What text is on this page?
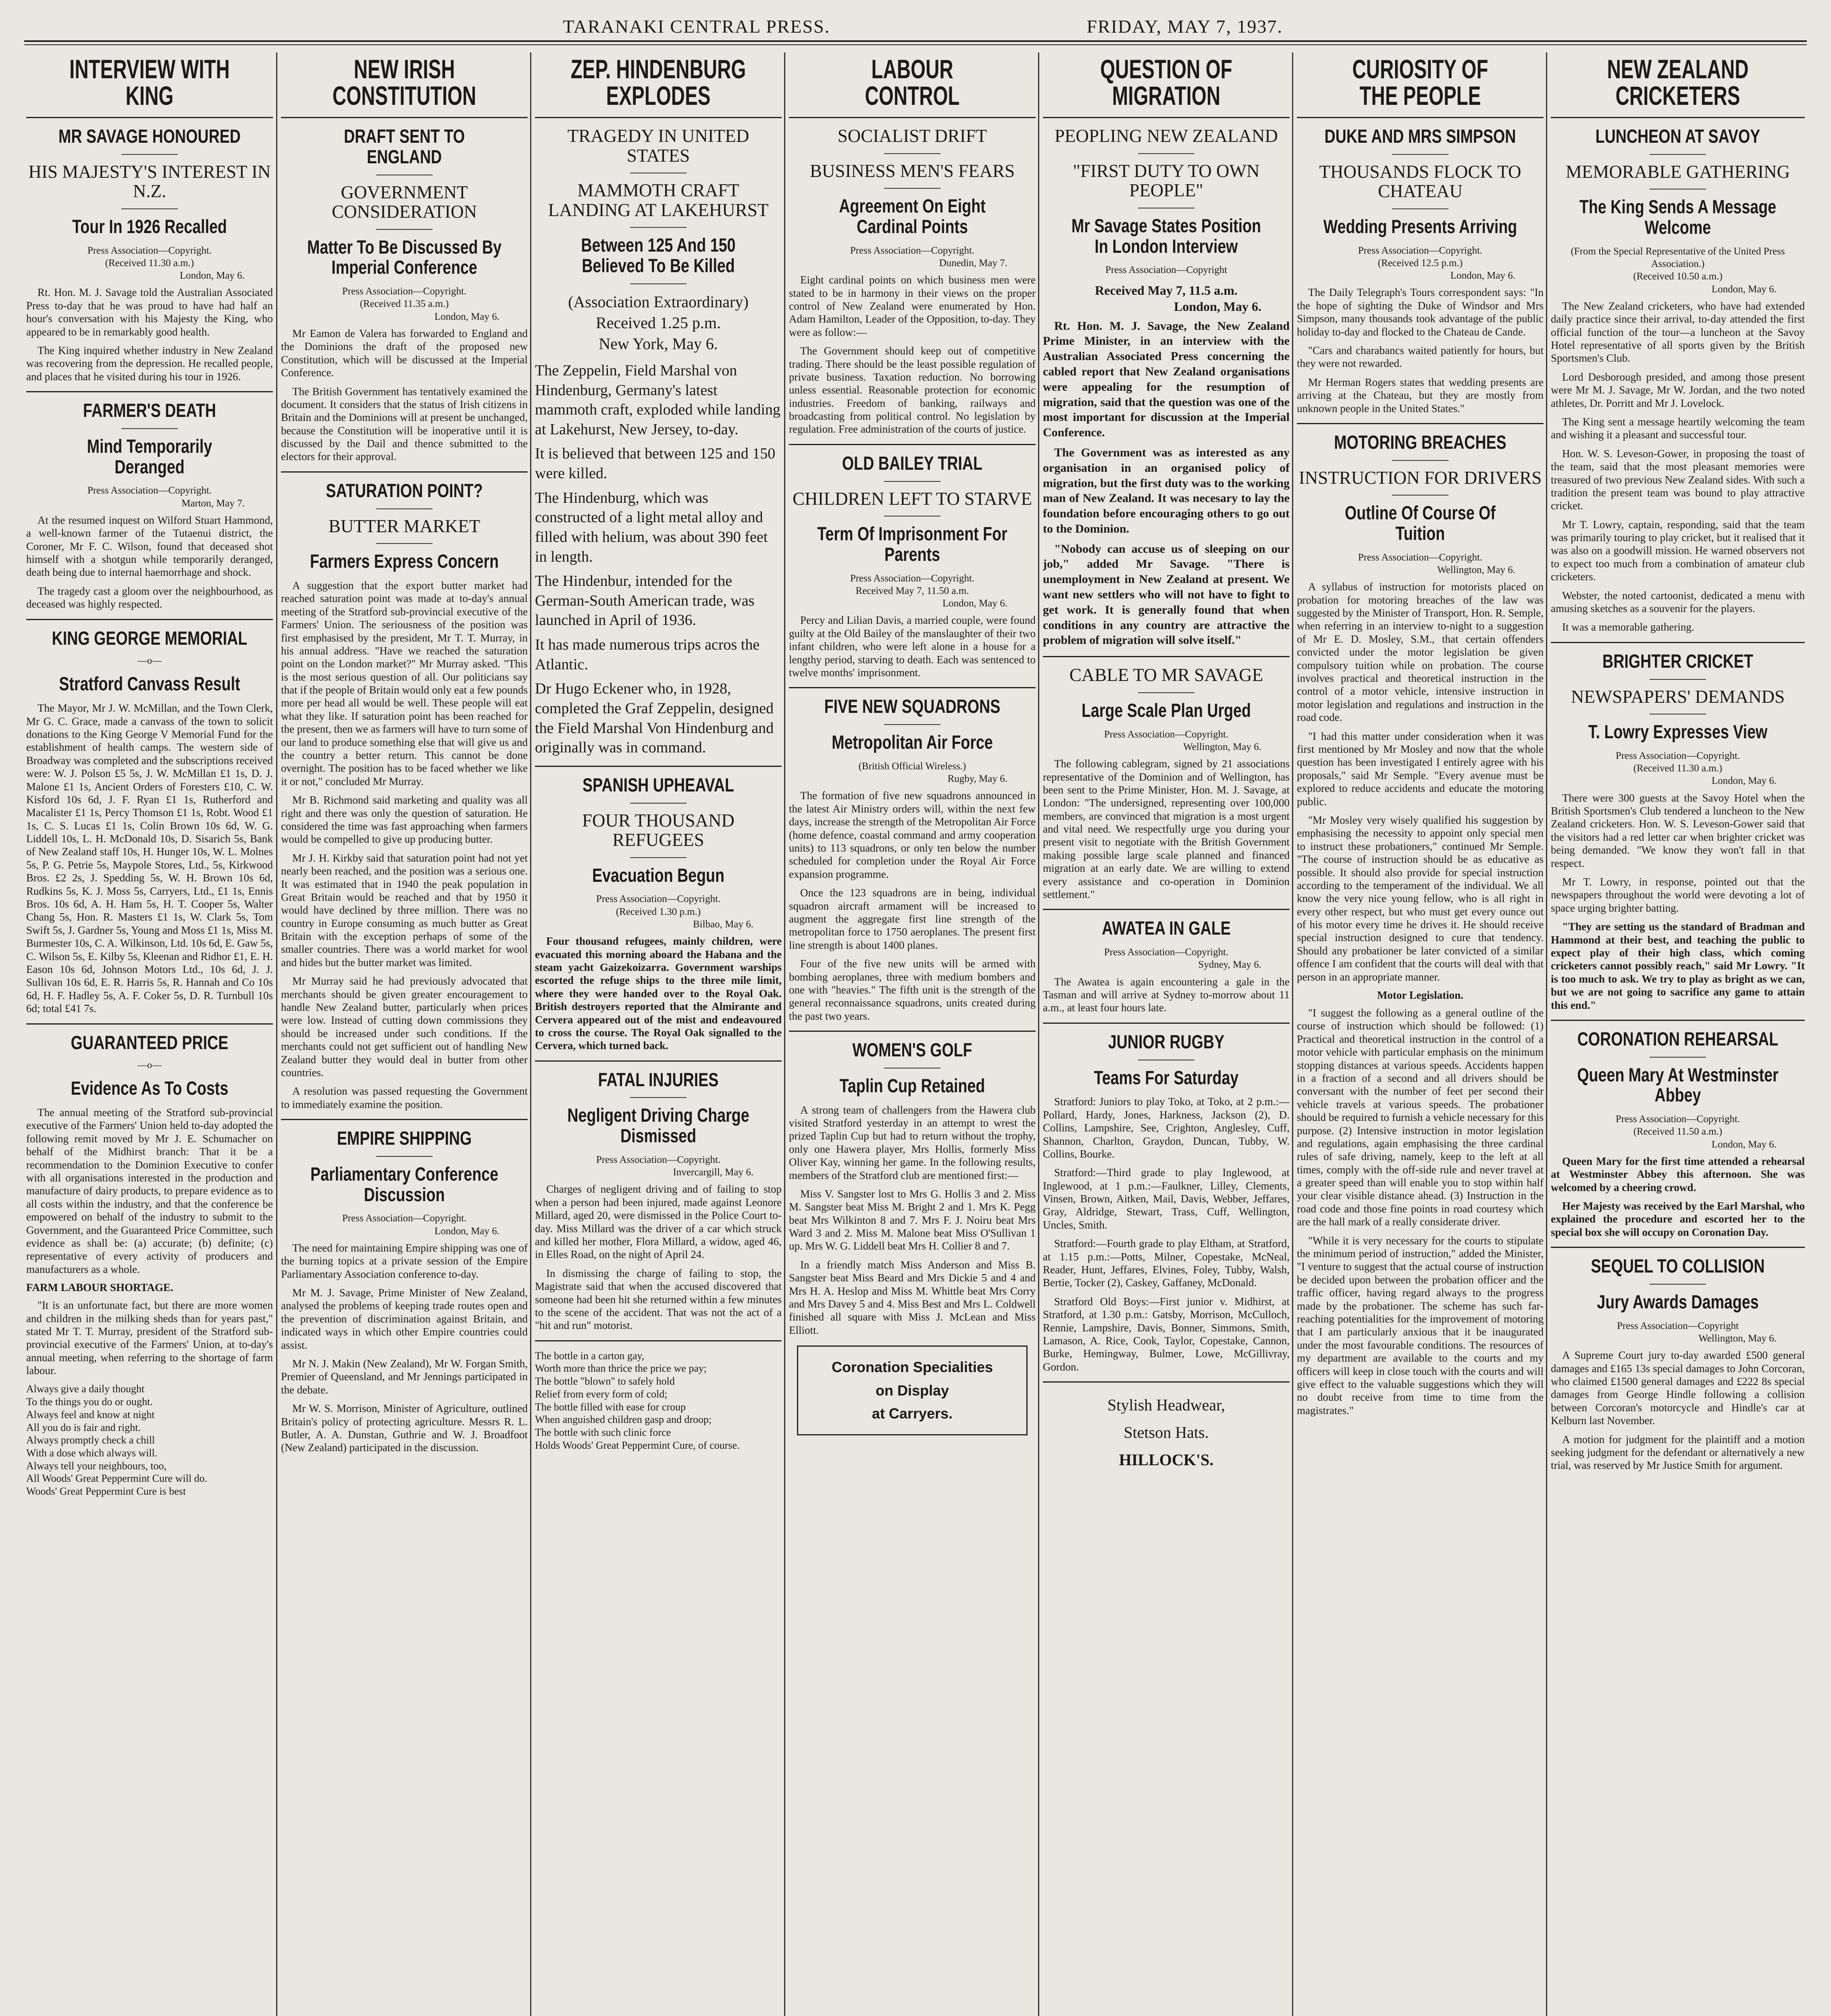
TARANAKI CENTRAL PRESS.	FRIDAY, MAY 7, 1937.
INTERVIEW WITH KING
MR SAVAGE HONOURED
HIS MAJESTY'S INTEREST IN N.Z.
Tour In 1926 Recalled
Press Association—Copyright.
(Received 11.30 a.m.)
London, May 6.

Rt. Hon. M. J. Savage told the Australian Associated Press to-day that he was proud to have had half an hour's conversation with his Majesty the King, who appeared to be in remarkably good health.

The King inquired whether industry in New Zealand was recovering from the depression. He recalled people, and places that he visited during his tour in 1926.

FARMER'S DEATH
Mind Temporarily Deranged
Press Association—Copyright.
Marton, May 7.

At the resumed inquest on Wilford Stuart Hammond, a well-known farmer of the Tutaenui district, the Coroner, Mr F. C. Wilson, found that deceased shot himself with a shotgun while temporarily deranged, death being due to internal haemorrhage and shock.

The tragedy cast a gloom over the neighbourhood, as deceased was highly respected.

KING GEORGE MEMORIAL
—o—
Stratford Canvass Result

The Mayor, Mr J. W. McMillan, and the Town Clerk, Mr G. C. Grace, made a canvass of the town to solicit donations to the King George V Memorial Fund for the establishment of health camps. The western side of Broadway was completed and the subscriptions received were: W. J. Polson £5 5s, J. W. McMillan £1 1s, D. J. Malone £1 1s, Ancient Orders of Foresters £10, C. W. Kisford 10s 6d, J. F. Ryan £1 1s, Rutherford and Macalister £1 1s, Percy Thomson £1 1s, Robt. Wood £1 1s, C. S. Lucas £1 1s, Colin Brown 10s 6d, W. G. Liddell 10s, L. H. McDonald 10s, D. Sisarich 5s, Bank of New Zealand staff 10s, H. Hunger 10s, W. L. Molnes 5s, P. G. Petrie 5s, Maypole Stores, Ltd., 5s, Kirkwood Bros. £2 2s, J. Spedding 5s, W. H. Brown 10s 6d, Rudkins 5s, K. J. Moss 5s, Carryers, Ltd., £1 1s, Ennis Bros. 10s 6d, A. H. Ham 5s, H. T. Cooper 5s, Walter Chang 5s, Hon. R. Masters £1 1s, W. Clark 5s, Tom Swift 5s, J. Gardner 5s, Young and Moss £1 1s, Miss M. Burmester 10s, C. A. Wilkinson, Ltd. 10s 6d, E. Gaw 5s, C. Wilson 5s, E. Kilby 5s, Kleenan and Ridhor £1, E. H. Eason 10s 6d, Johnson Motors Ltd., 10s 6d, J. J. Sullivan 10s 6d, E. R. Harris 5s, R. Hannah and Co 10s 6d, H. F. Hadley 5s, A. F. Coker 5s, D. R. Turnbull 10s 6d; total £41 7s.

GUARANTEED PRICE
—o—
Evidence As To Costs

The annual meeting of the Stratford sub-provincial executive of the Farmers' Union held to-day adopted the following remit moved by Mr J. E. Schumacher on behalf of the Midhirst branch: That it be a recommendation to the Dominion Executive to confer with all organisations interested in the production and manufacture of dairy products, to prepare evidence as to all costs within the industry, and that the conference be empowered on behalf of the industry to submit to the Government, and the Guaranteed Price Committee, such evidence as shall be: (a) accurate; (b) definite; (c) representative of every activity of producers and manufacturers as a whole.

FARM LABOUR SHORTAGE.

"It is an unfortunate fact, but there are more women and children in the milking sheds than for years past," stated Mr T. T. Murray, president of the Stratford sub-provincial executive of the Farmers' Union, at to-day's annual meeting, when referring to the shortage of farm labour.

Always give a daily thought
To the things you do or ought.
Always feel and know at night
All you do is fair and right.
Always promptly check a chill
With a dose which always will.
Always tell your neighbours, too,
All Woods' Great Peppermint Cure will do.
Woods' Great Peppermint Cure is best
NEW IRISH CONSTITUTION
DRAFT SENT TO ENGLAND
GOVERNMENT CONSIDERATION
Matter To Be Discussed By Imperial Conference
Press Association—Copyright.
(Received 11.35 a.m.)
London, May 6.

Mr Eamon de Valera has forwarded to England and the Dominions the draft of the proposed new Constitution, which will be discussed at the Imperial Conference.

The British Government has tentatively examined the document. It considers that the status of Irish citizens in Britain and the Dominions will at present be unchanged, because the Constitution will be inoperative until it is discussed by the Dail and thence submitted to the electors for their approval.

SATURATION POINT?
BUTTER MARKET
Farmers Express Concern

A suggestion that the export butter market had reached saturation point was made at to-day's annual meeting of the Stratford sub-provincial executive of the Farmers' Union. The seriousness of the position was first emphasised by the president, Mr T. T. Murray, in his annual address. "Have we reached the saturation point on the London market?" Mr Murray asked. "This is the most serious question of all. Our politicians say that if the people of Britain would only eat a few pounds more per head all would be well. These people will eat what they like. If saturation point has been reached for the present, then we as farmers will have to turn some of our land to produce something else that will give us and the country a better return. This cannot be done overnight. The position has to be faced whether we like it or not," concluded Mr Murray.

Mr B. Richmond said marketing and quality was all right and there was only the question of saturation. He considered the time was fast approaching when farmers would be compelled to give up producing butter.

Mr J. H. Kirkby said that saturation point had not yet nearly been reached, and the position was a serious one. It was estimated that in 1940 the peak population in Great Britain would be reached and that by 1950 it would have declined by three million. There was no country in Europe consuming as much butter as Great Britain with the exception perhaps of some of the smaller countries. There was a world market for wool and hides but the butter market was limited.

Mr Murray said he had previously advocated that merchants should be given greater encouragement to handle New Zealand butter, particularly when prices were low. Instead of cutting down commissions they should be increased under such conditions. If the merchants could not get sufficient out of handling New Zealand butter they would deal in butter from other countries.

A resolution was passed requesting the Government to immediately examine the position.

EMPIRE SHIPPING
Parliamentary Conference Discussion
Press Association—Copyright.
London, May 6.

The need for maintaining Empire shipping was one of the burning topics at a private session of the Empire Parliamentary Association conference to-day.

Mr M. J. Savage, Prime Minister of New Zealand, analysed the problems of keeping trade routes open and the prevention of discrimination against Britain, and indicated ways in which other Empire countries could assist.

Mr N. J. Makin (New Zealand), Mr W. Forgan Smith, Premier of Queensland, and Mr Jennings participated in the debate.

Mr W. S. Morrison, Minister of Agriculture, outlined Britain's policy of protecting agriculture. Messrs R. L. Butler, A. A. Dunstan, Guthrie and W. J. Broadfoot (New Zealand) participated in the discussion.

ZEP. HINDENBURG EXPLODES
TRAGEDY IN UNITED STATES
MAMMOTH CRAFT LANDING AT LAKEHURST
Between 125 And 150 Believed To Be Killed
(Association Extraordinary)
Received 1.25 p.m.
New York, May 6.

The Zeppelin, Field Marshal von Hindenburg, Germany's latest mammoth craft, exploded while landing at Lakehurst, New Jersey, to-day.

It is believed that between 125 and 150 were killed.

The Hindenburg, which was constructed of a light metal alloy and filled with helium, was about 390 feet in length.

The Hindenbur, intended for the German-South American trade, was launched in April of 1936.

It has made numerous trips acros the Atlantic.

Dr Hugo Eckener who, in 1928, completed the Graf Zeppelin, designed the Field Marshal Von Hindenburg and originally was in command.

SPANISH UPHEAVAL
FOUR THOUSAND REFUGEES
Evacuation Begun
Press Association—Copyright.
(Received 1.30 p.m.)
Bilbao, May 6.

Four thousand refugees, mainly children, were evacuated this morning aboard the Habana and the steam yacht Gaizekoizarra. Government warships escorted the refuge ships to the three mile limit, where they were handed over to the Royal Oak. British destroyers reported that the Almirante and Cervera appeared out of the mist and endeavoured to cross the course. The Royal Oak signalled to the Cervera, which turned back.

FATAL INJURIES
Negligent Driving Charge Dismissed
Press Association—Copyright.
Invercargill, May 6.

Charges of negligent driving and of failing to stop when a person had been injured, made against Leonore Millard, aged 20, were dismissed in the Police Court to-day. Miss Millard was the driver of a car which struck and killed her mother, Flora Millard, a widow, aged 46, in Elles Road, on the night of April 24.

In dismissing the charge of failing to stop, the Magistrate said that when the accused discovered that someone had been hit she returned within a few minutes to the scene of the accident. That was not the act of a "hit and run" motorist.

The bottle in a carton gay,
Worth more than thrice the price we pay;
The bottle "blown" to safely hold
Relief from every form of cold;
The bottle filled with ease for croup
When anguished children gasp and droop;
The bottle with such clinic force
Holds Woods' Great Peppermint Cure, of course.
LABOUR CONTROL
SOCIALIST DRIFT
BUSINESS MEN'S FEARS
Agreement On Eight Cardinal Points
Press Association—Copyright.
Dunedin, May 7.

Eight cardinal points on which business men were stated to be in harmony in their views on the proper control of New Zealand were enumerated by Hon. Adam Hamilton, Leader of the Opposition, to-day. They were as follow:—

The Government should keep out of competitive trading. There should be the least possible regulation of private business. Taxation reduction. No borrowing unless essential. Reasonable protection for economic industries. Freedom of banking, railways and broadcasting from political control. No legislation by regulation. Free administration of the courts of justice.

OLD BAILEY TRIAL
CHILDREN LEFT TO STARVE
Term Of Imprisonment For Parents
Press Association—Copyright.
Received May 7, 11.50 a.m.
London, May 6.

Percy and Lilian Davis, a married couple, were found guilty at the Old Bailey of the manslaughter of their two infant children, who were left alone in a house for a lengthy period, starving to death. Each was sentenced to twelve months' imprisonment.

FIVE NEW SQUADRONS
Metropolitan Air Force
(British Official Wireless.)
Rugby, May 6.

The formation of five new squadrons announced in the latest Air Ministry orders will, within the next few days, increase the strength of the Metropolitan Air Force (home defence, coastal command and army cooperation units) to 113 squadrons, or only ten below the number scheduled for completion under the Royal Air Force expansion programme.

Once the 123 squadrons are in being, individual squadron aircraft armament will be increased to augment the aggregate first line strength of the metropolitan force to 1750 aeroplanes. The present first line strength is about 1400 planes.

Four of the five new units will be armed with bombing aeroplanes, three with medium bombers and one with "heavies." The fifth unit is the strength of the general reconnaissance squadrons, units created during the past two years.

WOMEN'S GOLF
Taplin Cup Retained

A strong team of challengers from the Hawera club visited Stratford yesterday in an attempt to wrest the prized Taplin Cup but had to return without the trophy, only one Hawera player, Mrs Hollis, formerly Miss Oliver Kay, winning her game. In the following results, members of the Stratford club are mentioned first:—

Miss V. Sangster lost to Mrs G. Hollis 3 and 2. Miss M. Sangster beat Miss M. Bright 2 and 1. Mrs K. Pegg beat Mrs Wilkinton 8 and 7. Mrs F. J. Noiru beat Mrs Ward 3 and 2. Miss M. Malone beat Miss O'Sullivan 1 up. Mrs W. G. Liddell beat Mrs H. Collier 8 and 7.

In a friendly match Miss Anderson and Miss B. Sangster beat Miss Beard and Mrs Dickie 5 and 4 and Mrs H. A. Heslop and Miss M. Whittle beat Mrs Corry and Mrs Davey 5 and 4. Miss Best and Mrs L. Coldwell finished all square with Miss J. McLean and Miss Elliott.

Coronation Specialities
on Display
at Carryers.
QUESTION OF MIGRATION
PEOPLING NEW ZEALAND
"FIRST DUTY TO OWN PEOPLE"
Mr Savage States Position In London Interview
Press Association—Copyright
Received May 7, 11.5 a.m.
London, May 6.

Rt. Hon. M. J. Savage, the New Zealand Prime Minister, in an interview with the Australian Associated Press concerning the cabled report that New Zealand organisations were appealing for the resumption of migration, said that the question was one of the most important for discussion at the Imperial Conference.

The Government was as interested as any organisation in an organised policy of migration, but the first duty was to the working man of New Zealand. It was necesary to lay the foundation before encouraging others to go out to the Dominion.

"Nobody can accuse us of sleeping on our job," added Mr Savage. "There is unemployment in New Zealand at present. We want new settlers who will not have to fight to get work. It is generally found that when conditions in any country are attractive the problem of migration will solve itself."

CABLE TO MR SAVAGE
Large Scale Plan Urged
Press Association—Copyright.
Wellington, May 6.

The following cablegram, signed by 21 associations representative of the Dominion and of Wellington, has been sent to the Prime Minister, Hon. M. J. Savage, at London: "The undersigned, representing over 100,000 members, are convinced that migration is a most urgent and vital need. We respectfully urge you during your present visit to negotiate with the British Government making possible large scale planned and financed migration at an early date. We are willing to extend every assistance and co-operation in Dominion settlement."

AWATEA IN GALE
Press Association—Copyright.
Sydney, May 6.

The Awatea is again encountering a gale in the Tasman and will arrive at Sydney to-morrow about 11 a.m., at least four hours late.

JUNIOR RUGBY
Teams For Saturday

Stratford: Juniors to play Toko, at Toko, at 2 p.m.:—Pollard, Hardy, Jones, Harkness, Jackson (2), D. Collins, Lampshire, See, Crighton, Anglesley, Cuff, Shannon, Charlton, Graydon, Duncan, Tubby, W. Collins, Bourke.

Stratford:—Third grade to play Inglewood, at Inglewood, at 1 p.m.:—Faulkner, Lilley, Clements, Vinsen, Brown, Aitken, Mail, Davis, Webber, Jeffares, Gray, Aldridge, Stewart, Trass, Cuff, Wellington, Uncles, Smith.

Stratford:—Fourth grade to play Eltham, at Stratford, at 1.15 p.m.:—Potts, Milner, Copestake, McNeal, Reader, Hunt, Jeffares, Elvines, Foley, Tubby, Walsh, Bertie, Tocker (2), Caskey, Gaffaney, McDonald.

Stratford Old Boys:—First junior v. Midhirst, at Stratford, at 1.30 p.m.: Gatsby, Morrison, McCulloch, Rennie, Lampshire, Davis, Bonner, Simmons, Smith, Lamason, A. Rice, Cook, Taylor, Copestake, Cannon, Burke, Hemingway, Bulmer, Lowe, McGillivray, Gordon.

Stylish Headwear,
Stetson Hats.
HILLOCK'S.
CURIOSITY OF THE PEOPLE
DUKE AND MRS SIMPSON
THOUSANDS FLOCK TO CHATEAU
Wedding Presents Arriving
Press Association—Copyright.
(Received 12.5 p.m.)
London, May 6.

The Daily Telegraph's Tours correspondent says: "In the hope of sighting the Duke of Windsor and Mrs Simpson, many thousands took advantage of the public holiday to-day and flocked to the Chateau de Cande.

"Cars and charabancs waited patiently for hours, but they were not rewarded.

Mr Herman Rogers states that wedding presents are arriving at the Chateau, but they are mostly from unknown people in the United States."

MOTORING BREACHES
INSTRUCTION FOR DRIVERS
Outline Of Course Of Tuition
Press Association—Copyright.
Wellington, May 6.

A syllabus of instruction for motorists placed on probation for motoring breaches of the law was suggested by the Minister of Transport, Hon. R. Semple, when referring in an interview to-night to a suggestion of Mr E. D. Mosley, S.M., that certain offenders convicted under the motor legislation be given compulsory tuition while on probation. The course involves practical and theoretical instruction in the control of a motor vehicle, intensive instruction in motor legislation and regulations and instruction in the road code.

"I had this matter under consideration when it was first mentioned by Mr Mosley and now that the whole question has been investigated I entirely agree with his proposals," said Mr Semple. "Every avenue must be explored to reduce accidents and educate the motoring public.

"Mr Mosley very wisely qualified his suggestion by emphasising the necessity to appoint only special men to instruct these probationers," continued Mr Semple. "The course of instruction should be as educative as possible. It should also provide for special instruction according to the temperament of the individual. We all know the very nice young fellow, who is all right in every other respect, but who must get every ounce out of his motor every time he drives it. He should receive special instruction designed to cure that tendency. Should any probationer be later convicted of a similar offence I am confident that the courts will deal with that person in an appropriate manner.

Motor Legislation.

"I suggest the following as a general outline of the course of instruction which should be followed: (1) Practical and theoretical instruction in the control of a motor vehicle with particular emphasis on the minimum stopping distances at various speeds. Accidents happen in a fraction of a second and all drivers should be conversant with the number of feet per second their vehicle travels at various speeds. The probationer should be required to furnish a vehicle necessary for this purpose. (2) Intensive instruction in motor legislation and regulations, again emphasising the three cardinal rules of safe driving, namely, keep to the left at all times, comply with the off-side rule and never travel at a greater speed than will enable you to stop within half your clear visible distance ahead. (3) Instruction in the road code and those fine points in road courtesy which are the hall mark of a really considerate driver.

"While it is very necessary for the courts to stipulate the minimum period of instruction," added the Minister, "I venture to suggest that the actual course of instruction be decided upon between the probation officer and the traffic officer, having regard always to the progress made by the probationer. The scheme has such far-reaching potentialities for the improvement of motoring that I am particularly anxious that it be inaugurated under the most favourable conditions. The resources of my department are available to the courts and my officers will keep in close touch with the courts and will give effect to the valuable suggestions which they will no doubt receive from time to time from the magistrates."

NEW ZEALAND CRICKETERS
LUNCHEON AT SAVOY
MEMORABLE GATHERING
The King Sends A Message Welcome
(From the Special Representative of the United Press Association.)
(Received 10.50 a.m.)
London, May 6.

The New Zealand cricketers, who have had extended daily practice since their arrival, to-day attended the first official function of the tour—a luncheon at the Savoy Hotel representative of all sports given by the British Sportsmen's Club.

Lord Desborough presided, and among those present were Mr M. J. Savage, Mr W. Jordan, and the two noted athletes, Dr. Porritt and Mr J. Lovelock.

The King sent a message heartily welcoming the team and wishing it a pleasant and successful tour.

Hon. W. S. Leveson-Gower, in proposing the toast of the team, said that the most pleasant memories were treasured of two previous New Zealand sides. With such a tradition the present team was bound to play attractive cricket.

Mr T. Lowry, captain, responding, said that the team was primarily touring to play cricket, but it realised that it was also on a goodwill mission. He warned observers not to expect too much from a combination of amateur club cricketers.

Webster, the noted cartoonist, dedicated a menu with amusing sketches as a souvenir for the players.

It was a memorable gathering.

BRIGHTER CRICKET
NEWSPAPERS' DEMANDS
T. Lowry Expresses View
Press Association—Copyright.
(Received 11.30 a.m.)
London, May 6.

There were 300 guests at the Savoy Hotel when the British Sportsmen's Club tendered a luncheon to the New Zealand cricketers. Hon. W. S. Leveson-Gower said that the visitors had a red letter car when brighter cricket was being demanded. "We know they won't fall in that respect.

Mr T. Lowry, in response, pointed out that the newspapers throughout the world were devoting a lot of space urging brighter batting.

"They are setting us the standard of Bradman and Hammond at their best, and teaching the public to expect play of their high class, which coming cricketers cannot possibly reach," said Mr Lowry. "It is too much to ask. We try to play as bright as we can, but we are not going to sacrifice any game to attain this end."

CORONATION REHEARSAL
Queen Mary At Westminster Abbey
Press Association—Copyright.
(Received 11.50 a.m.)
London, May 6.

Queen Mary for the first time attended a rehearsal at Westminster Abbey this afternoon. She was welcomed by a cheering crowd.

Her Majesty was received by the Earl Marshal, who explained the procedure and escorted her to the special box she will occupy on Coronation Day.

SEQUEL TO COLLISION
Jury Awards Damages
Press Association—Copyright
Wellington, May 6.

A Supreme Court jury to-day awarded £500 general damages and £165 13s special damages to John Corcoran, who claimed £1500 general damages and £222 8s special damages from George Hindle following a collision between Corcoran's motorcycle and Hindle's car at Kelburn last November.

A motion for judgment for the plaintiff and a motion seeking judgment for the defendant or alternatively a new trial, was reserved by Mr Justice Smith for argument.
